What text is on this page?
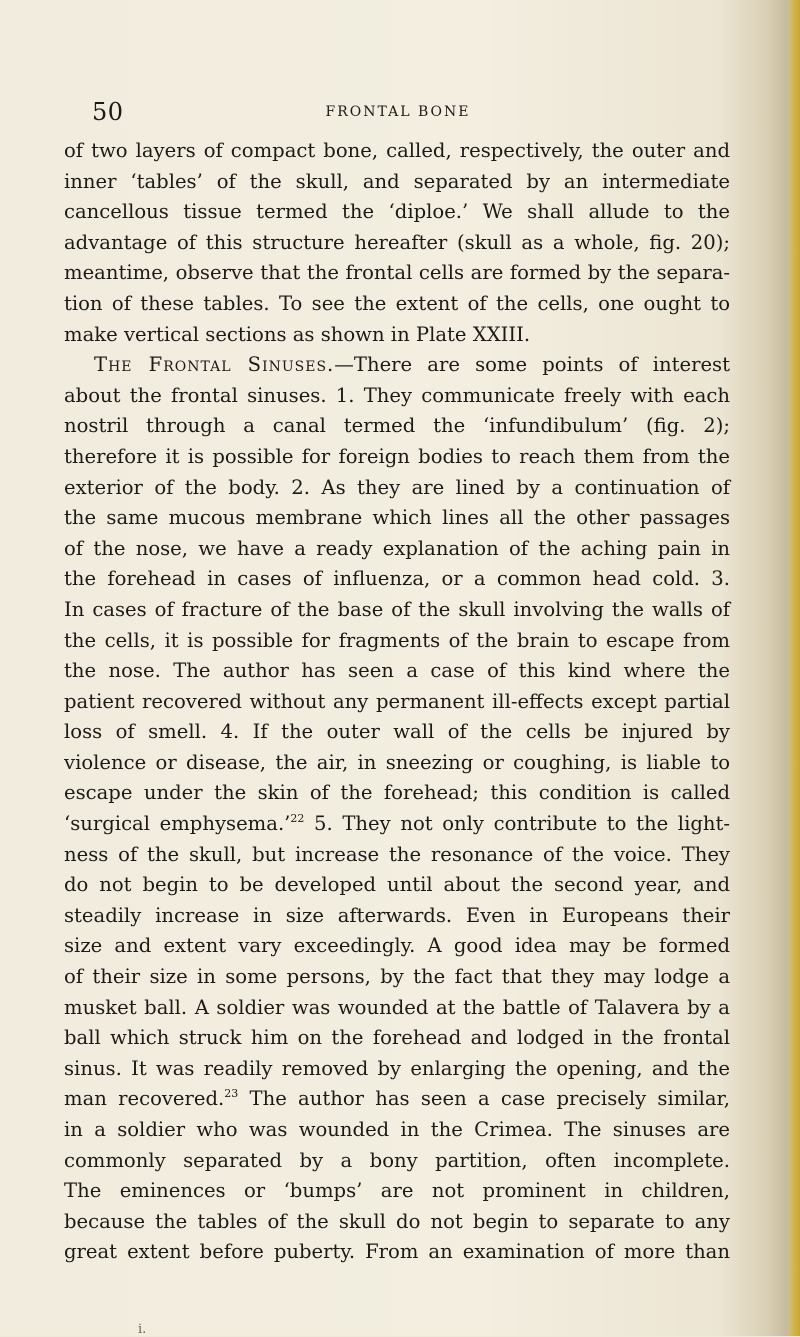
50	FRONTAL BONE
of two layers of compact bone, called, respectively, the outer and
inner ‘tables’ of the skull, and separated by an intermediate
cancellous tissue termed the ‘diploe.’ We shall allude to the
advantage of this structure hereafter (skull as a whole, fig. 20);
meantime, observe that the frontal cells are formed by the separa-
tion of these tables. To see the extent of the cells, one ought to
make vertical sections as shown in Plate XXIII.
The Frontal Sinuses.—There are some points of interest
about the frontal sinuses. 1. They communicate freely with each
nostril through a canal termed the ‘infundibulum’ (fig. 2);
therefore it is possible for foreign bodies to reach them from the
exterior of the body. 2. As they are lined by a continuation of
the same mucous membrane which lines all the other passages
of the nose, we have a ready explanation of the aching pain in
the forehead in cases of influenza, or a common head cold. 3.
In cases of fracture of the base of the skull involving the walls of
the cells, it is possible for fragments of the brain to escape from
the nose. The author has seen a case of this kind where the
patient recovered without any permanent ill-effects except partial
loss of smell. 4. If the outer wall of the cells be injured by
violence or disease, the air, in sneezing or coughing, is liable to
escape under the skin of the forehead; this condition is called
‘surgical emphysema.’$^{22}$ 5. They not only contribute to the light-
ness of the skull, but increase the resonance of the voice. They
do not begin to be developed until about the second year, and
steadily increase in size afterwards. Even in Europeans their
size and extent vary exceedingly. A good idea may be formed
of their size in some persons, by the fact that they may lodge a
musket ball. A soldier was wounded at the battle of Talavera by a
ball which struck him on the forehead and lodged in the frontal
sinus. It was readily removed by enlarging the opening, and the
man recovered.$^{23}$ The author has seen a case precisely similar,
in a soldier who was wounded in the Crimea. The sinuses are
commonly separated by a bony partition, often incomplete.
The eminences or ‘bumps’ are not prominent in children,
because the tables of the skull do not begin to separate to any
great extent before puberty. From an examination of more than
i.
